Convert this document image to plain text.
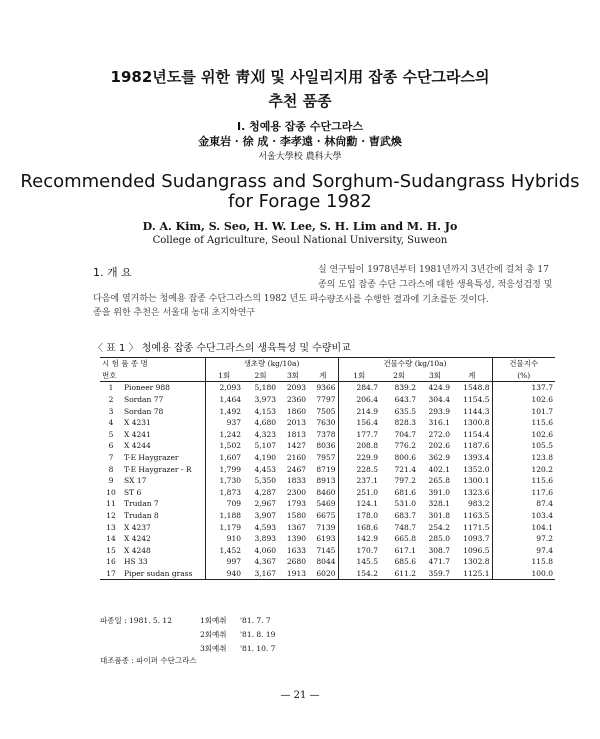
1982년도를 위한 靑刈 및 사일리지用 잡종 수단그라스의
추천 품종
I. 청예용 잡종 수단그라스
金東岩 · 徐 成 · 李孝遠 · 林尙勳 · 曺武煥
서울大學校 農科大學
Recommended Sudangrass and Sorghum-Sudangrass Hybrids
for Forage 1982
D. A. Kim, S. Seo, H. W. Lee, S. H. Lim and M. H. Jo
College of Agriculture, Seoul National University, Suweon
1. 개 요
다음에 열거하는 청예용 잡종 수단그라스의 1982 년도 파종을 위한 추천은 서울대 농대 초지학연구
실 연구팀이 1978년부터 1981년까지 3년간에 걸쳐 총 17종의 도입 잡종 수단 그라스에 대한 생육특성, 적응성검정 및 수량조사를 수행한 결과에 기초를둔 것이다.
〈 표 1 〉 청예용 잡종 수단그라스의 생육특성 및 수량비교
시 험 품 종 명		생초량 (kg/10a)				건물수량 (kg/10a)				건물지수
번호		1회	2회	3회	계	1회	2회	3회	계	(%)
1	Pioneer 988	2,093	5,180	2093	9366	284.7	839.2	424.9	1548.8	137.7
2	Sordan 77	1,464	3,973	2360	7797	206.4	643.7	304.4	1154.5	102.6
3	Sordan 78	1,492	4,153	1860	7505	214.9	635.5	293.9	1144.3	101.7
4	X 4231	937	4,680	2013	7630	156.4	828.3	316.1	1300.8	115.6
5	X 4241	1,242	4,323	1813	7378	177.7	704.7	272.0	1154.4	102.6
6	X 4244	1,502	5,107	1427	8036	208.8	776.2	202.6	1187.6	105.5
7	T-E Haygrazer	1,607	4,190	2160	7957	229.9	800.6	362.9	1393.4	123.8
8	T-E Haygrazer - R	1,799	4,453	2467	8719	228.5	721.4	402.1	1352.0	120.2
9	SX 17	1,730	5,350	1833	8913	237.1	797.2	265.8	1300.1	115.6
10	ST 6	1,873	4,287	2300	8460	251.0	681.6	391.0	1323.6	117.6
11	Trudan 7	709	2,967	1793	5469	124.1	531.0	328.1	983.2	87.4
12	Trudan 8	1,188	3,907	1580	6675	178.0	683.7	301.8	1163.5	103.4
13	X 4237	1,179	4,593	1367	7139	168.6	748.7	254.2	1171.5	104.1
14	X 4242	910	3,893	1390	6193	142.9	665.8	285.0	1093.7	97.2
15	X 4248	1,452	4,060	1633	7145	170.7	617.1	308.7	1096.5	97.4
16	HS 33	997	4,367	2680	8044	145.5	685.6	471.7	1302.8	115.8
17	Piper sudan grass	940	3,167	1913	6020	154.2	611.2	359.7	1125.1	100.0
파종일 : 1981. 5. 12	1회예취 '81. 7. 7
2회예취 '81. 8. 19
3회예취 '81. 10. 7
대조품종 : 파이퍼 수단그라스
— 21 —
